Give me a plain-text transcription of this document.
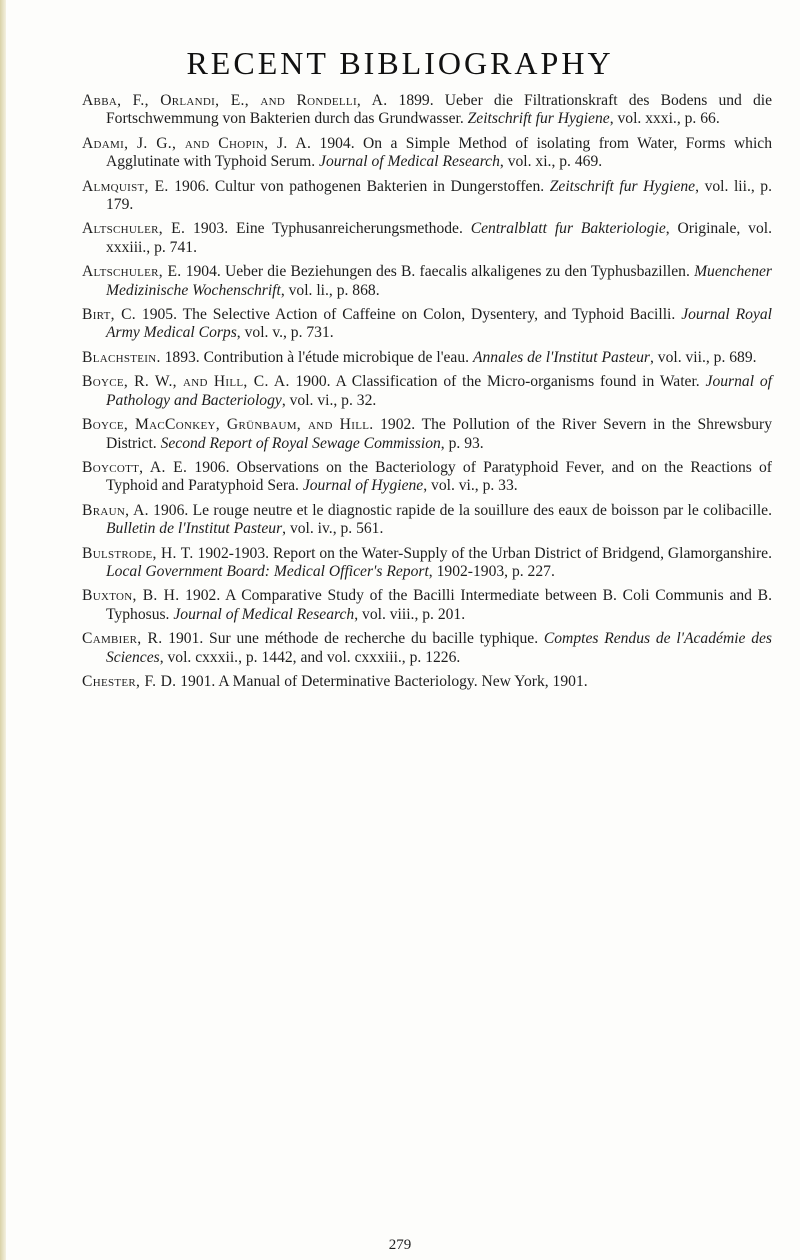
RECENT BIBLIOGRAPHY

Abba, F., Orlandi, E., and Rondelli, A. 1899. Ueber die Filtrationskraft des Bodens und die Fortschwemmung von Bakterien durch das Grundwasser. Zeitschrift fur Hygiene, vol. xxxi., p. 66.

Adami, J. G., and Chopin, J. A. 1904. On a Simple Method of isolating from Water, Forms which Agglutinate with Typhoid Serum. Journal of Medical Research, vol. xi., p. 469.

Almquist, E. 1906. Cultur von pathogenen Bakterien in Dungerstoffen. Zeitschrift fur Hygiene, vol. lii., p. 179.

Altschuler, E. 1903. Eine Typhusanreicherungsmethode. Centralblatt fur Bakteriologie, Originale, vol. xxxiii., p. 741.

Altschuler, E. 1904. Ueber die Beziehungen des B. faecalis alkaligenes zu den Typhusbazillen. Muenchener Medizinische Wochenschrift, vol. li., p. 868.

Birt, C. 1905. The Selective Action of Caffeine on Colon, Dysentery, and Typhoid Bacilli. Journal Royal Army Medical Corps, vol. v., p. 731.

Blachstein. 1893. Contribution à l'étude microbique de l'eau. Annales de l'Institut Pasteur, vol. vii., p. 689.

Boyce, R. W., and Hill, C. A. 1900. A Classification of the Micro-organisms found in Water. Journal of Pathology and Bacteriology, vol. vi., p. 32.

Boyce, MacConkey, Grünbaum, and Hill. 1902. The Pollution of the River Severn in the Shrewsbury District. Second Report of Royal Sewage Commission, p. 93.

Boycott, A. E. 1906. Observations on the Bacteriology of Paratyphoid Fever, and on the Reactions of Typhoid and Paratyphoid Sera. Journal of Hygiene, vol. vi., p. 33.

Braun, A. 1906. Le rouge neutre et le diagnostic rapide de la souillure des eaux de boisson par le colibacille. Bulletin de l'Institut Pasteur, vol. iv., p. 561.

Bulstrode, H. T. 1902-1903. Report on the Water-Supply of the Urban District of Bridgend, Glamorganshire. Local Government Board: Medical Officer's Report, 1902-1903, p. 227.

Buxton, B. H. 1902. A Comparative Study of the Bacilli Intermediate between B. Coli Communis and B. Typhosus. Journal of Medical Research, vol. viii., p. 201.

Cambier, R. 1901. Sur une méthode de recherche du bacille typhique. Comptes Rendus de l'Académie des Sciences, vol. cxxxii., p. 1442, and vol. cxxxiii., p. 1226.

Chester, F. D. 1901. A Manual of Determinative Bacteriology. New York, 1901.

279
